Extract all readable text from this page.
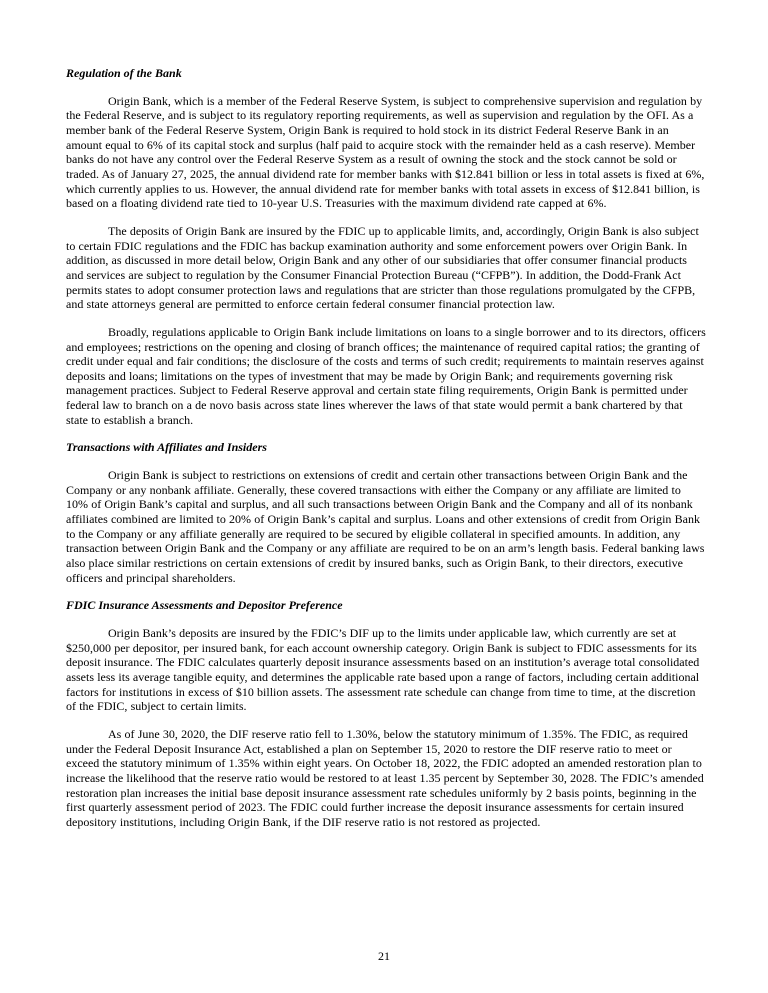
Regulation of the Bank

Origin Bank, which is a member of the Federal Reserve System, is subject to comprehensive supervision and regulation by the Federal Reserve, and is subject to its regulatory reporting requirements, as well as supervision and regulation by the OFI. As a member bank of the Federal Reserve System, Origin Bank is required to hold stock in its district Federal Reserve Bank in an amount equal to 6% of its capital stock and surplus (half paid to acquire stock with the remainder held as a cash reserve). Member banks do not have any control over the Federal Reserve System as a result of owning the stock and the stock cannot be sold or traded. As of January 27, 2025, the annual dividend rate for member banks with $12.841 billion or less in total assets is fixed at 6%, which currently applies to us. However, the annual dividend rate for member banks with total assets in excess of $12.841 billion, is based on a floating dividend rate tied to 10-year U.S. Treasuries with the maximum dividend rate capped at 6%.

The deposits of Origin Bank are insured by the FDIC up to applicable limits, and, accordingly, Origin Bank is also subject to certain FDIC regulations and the FDIC has backup examination authority and some enforcement powers over Origin Bank. In addition, as discussed in more detail below, Origin Bank and any other of our subsidiaries that offer consumer financial products and services are subject to regulation by the Consumer Financial Protection Bureau (“CFPB”). In addition, the Dodd-Frank Act permits states to adopt consumer protection laws and regulations that are stricter than those regulations promulgated by the CFPB, and state attorneys general are permitted to enforce certain federal consumer financial protection law.

Broadly, regulations applicable to Origin Bank include limitations on loans to a single borrower and to its directors, officers and employees; restrictions on the opening and closing of branch offices; the maintenance of required capital ratios; the granting of credit under equal and fair conditions; the disclosure of the costs and terms of such credit; requirements to maintain reserves against deposits and loans; limitations on the types of investment that may be made by Origin Bank; and requirements governing risk management practices. Subject to Federal Reserve approval and certain state filing requirements, Origin Bank is permitted under federal law to branch on a de novo basis across state lines wherever the laws of that state would permit a bank chartered by that state to establish a branch.

Transactions with Affiliates and Insiders

Origin Bank is subject to restrictions on extensions of credit and certain other transactions between Origin Bank and the Company or any nonbank affiliate. Generally, these covered transactions with either the Company or any affiliate are limited to 10% of Origin Bank’s capital and surplus, and all such transactions between Origin Bank and the Company and all of its nonbank affiliates combined are limited to 20% of Origin Bank’s capital and surplus. Loans and other extensions of credit from Origin Bank to the Company or any affiliate generally are required to be secured by eligible collateral in specified amounts. In addition, any transaction between Origin Bank and the Company or any affiliate are required to be on an arm’s length basis. Federal banking laws also place similar restrictions on certain extensions of credit by insured banks, such as Origin Bank, to their directors, executive officers and principal shareholders.

FDIC Insurance Assessments and Depositor Preference

Origin Bank’s deposits are insured by the FDIC’s DIF up to the limits under applicable law, which currently are set at $250,000 per depositor, per insured bank, for each account ownership category. Origin Bank is subject to FDIC assessments for its deposit insurance. The FDIC calculates quarterly deposit insurance assessments based on an institution’s average total consolidated assets less its average tangible equity, and determines the applicable rate based upon a range of factors, including certain additional factors for institutions in excess of $10 billion assets. The assessment rate schedule can change from time to time, at the discretion of the FDIC, subject to certain limits.

As of June 30, 2020, the DIF reserve ratio fell to 1.30%, below the statutory minimum of 1.35%. The FDIC, as required under the Federal Deposit Insurance Act, established a plan on September 15, 2020 to restore the DIF reserve ratio to meet or exceed the statutory minimum of 1.35% within eight years. On October 18, 2022, the FDIC adopted an amended restoration plan to increase the likelihood that the reserve ratio would be restored to at least 1.35 percent by September 30, 2028. The FDIC’s amended restoration plan increases the initial base deposit insurance assessment rate schedules uniformly by 2 basis points, beginning in the first quarterly assessment period of 2023. The FDIC could further increase the deposit insurance assessments for certain insured depository institutions, including Origin Bank, if the DIF reserve ratio is not restored as projected.

21
